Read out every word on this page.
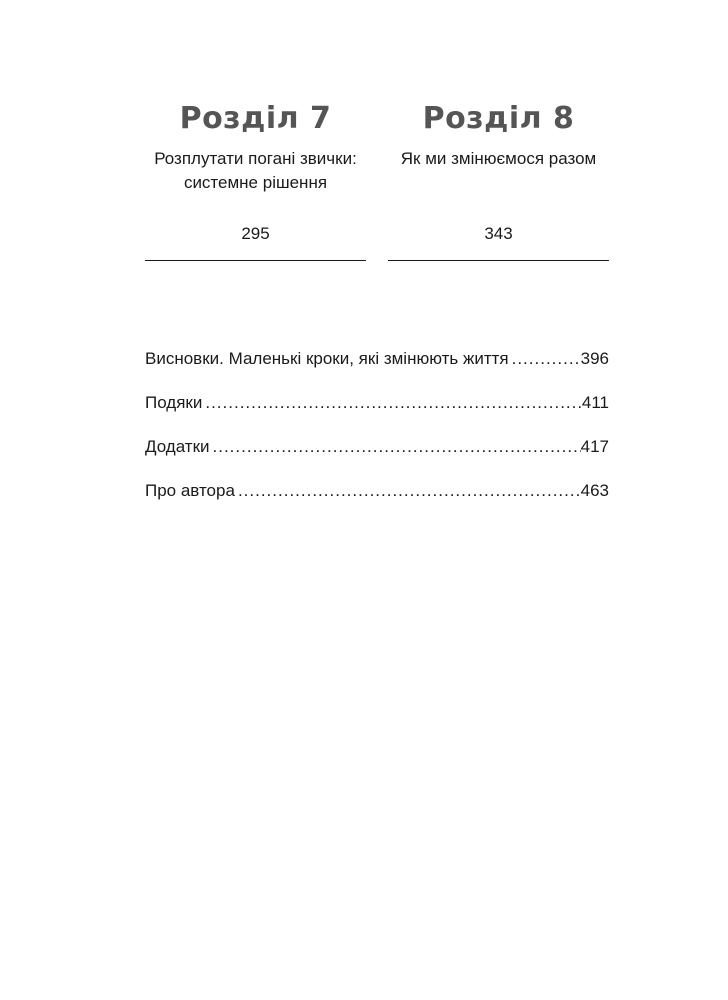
Розділ 7
Розплутати погані звички: системне рішення
295
Розділ 8
Як ми змінюємося разом
343
Висновки. Маленькі кроки, які змінюють життя .....	396
Подяки .....	411
Додатки .....	417
Про автора .....	463
